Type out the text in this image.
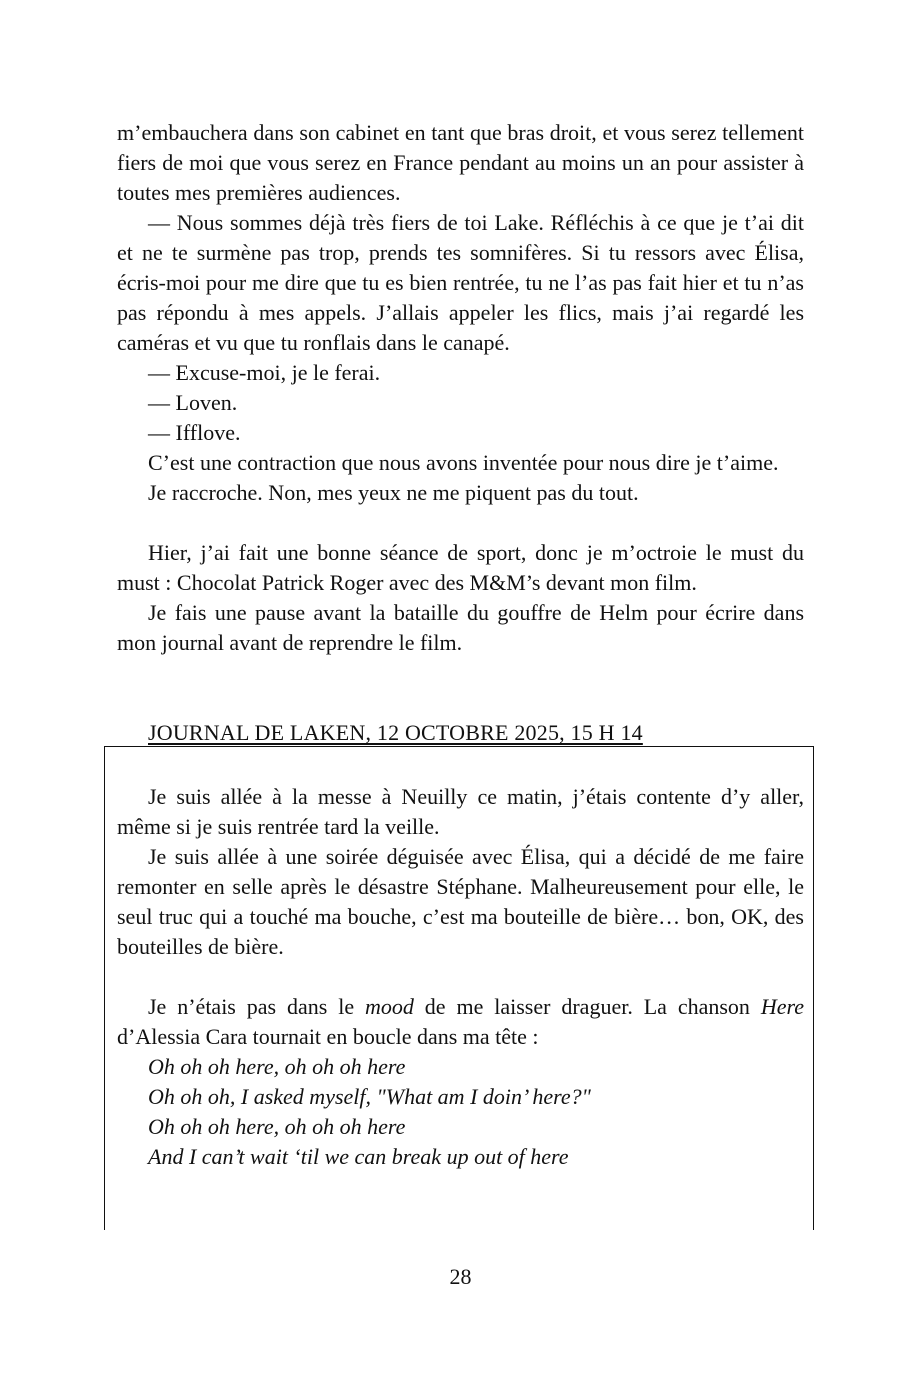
m’embauchera dans son cabinet en tant que bras droit, et vous serez tellement fiers de moi que vous serez en France pendant au moins un an pour assister à toutes mes premières audiences.

— Nous sommes déjà très fiers de toi Lake. Réfléchis à ce que je t’ai dit et ne te surmène pas trop, prends tes somnifères. Si tu ressors avec Élisa, écris-moi pour me dire que tu es bien rentrée, tu ne l’as pas fait hier et tu n’as pas répondu à mes appels. J’allais appeler les flics, mais j’ai regardé les caméras et vu que tu ronflais dans le canapé.

— Excuse-moi, je le ferai.

— Loven.

— Ifflove.

C’est une contraction que nous avons inventée pour nous dire je t’aime.

Je raccroche. Non, mes yeux ne me piquent pas du tout.

Hier, j’ai fait une bonne séance de sport, donc je m’octroie le must du must : Chocolat Patrick Roger avec des M&M’s devant mon film.

Je fais une pause avant la bataille du gouffre de Helm pour écrire dans mon journal avant de reprendre le film.

JOURNAL DE LAKEN, 12 OCTOBRE 2025, 15 H 14

Je suis allée à la messe à Neuilly ce matin, j’étais contente d’y aller, même si je suis rentrée tard la veille.

Je suis allée à une soirée déguisée avec Élisa, qui a décidé de me faire remonter en selle après le désastre Stéphane. Malheureusement pour elle, le seul truc qui a touché ma bouche, c’est ma bouteille de bière… bon, OK, des bouteilles de bière.

Je n’étais pas dans le mood de me laisser draguer. La chanson Here d’Alessia Cara tournait en boucle dans ma tête :

Oh oh oh here, oh oh oh here

Oh oh oh, I asked myself, "What am I doin’ here?"

Oh oh oh here, oh oh oh here

And I can’t wait ‘til we can break up out of here

28
